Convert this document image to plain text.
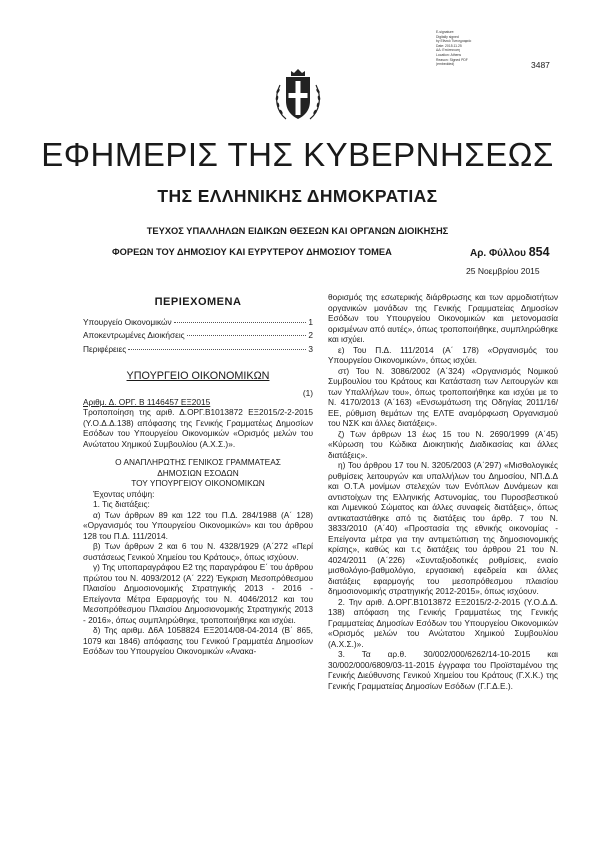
E-signature:
Digitally signed
by Εθνικό Τυπογραφείο
Date: 2015.11.25
ΔΔ: Επόπτευση
Location: Athens
Reason: Signed PDF
(embedded)	3487
ΕΦΗΜΕΡΙΣ ΤΗΣ ΚΥΒΕΡΝΗΣΕΩΣ
ΤΗΣ ΕΛΛΗΝΙΚΗΣ ΔΗΜΟΚΡΑΤΙΑΣ
ΤΕΥΧΟΣ ΥΠΑΛΛΗΛΩΝ ΕΙΔΙΚΩΝ ΘΕΣΕΩΝ ΚΑΙ ΟΡΓΑΝΩΝ ΔΙΟΙΚΗΣΗΣ
ΦΟΡΕΩΝ ΤΟΥ ΔΗΜΟΣΙΟΥ ΚΑΙ ΕΥΡΥΤΕΡΟΥ ΔΗΜΟΣΙΟΥ ΤΟΜΕΑ	Αρ. Φύλλου 854
25 Νοεμβρίου 2015
ΠΕΡΙΕΧΟΜΕΝΑ
Υπουργείο Οικονομικών	1
Αποκεντρωμένες Διοικήσεις	2
Περιφέρειες	3
ΥΠΟΥΡΓΕΙΟ ΟΙΚΟΝΟΜΙΚΩΝ
(1)

Αριθμ. Δ. ΟΡΓ. Β 1146457 ΕΞ2015

Τροποποίηση της αριθ. Δ.ΟΡΓ.Β1013872 ΕΞ2015/2-2-2015 (Υ.Ο.Δ.Δ.138) απόφασης της Γενικής Γραμματέως Δημοσίων Εσόδων του Υπουργείου Οικονομικών «Ορισμός μελών του Ανώτατου Χημικού Συμβουλίου (Α.Χ.Σ.)».
Ο ΑΝΑΠΛΗΡΩΤΗΣ ΓΕΝΙΚΟΣ ΓΡΑΜΜΑΤΕΑΣ
ΔΗΜΟΣΙΩΝ ΕΣΟΔΩΝ
ΤΟΥ ΥΠΟΥΡΓΕΙΟΥ ΟΙΚΟΝΟΜΙΚΩΝ
Έχοντας υπόψη:
1. Τις διατάξεις:
α) Των άρθρων 89 και 122 του Π.Δ. 284/1988 (Α΄ 128) «Οργανισμός του Υπουργείου Οικονομικών» και του άρθρου 128 του Π.Δ. 111/2014.
β) Των άρθρων 2 και 6 του Ν. 4328/1929 (Α΄272 «Περί συστάσεως Γενικού Χημείου του Κράτους», όπως ισχύουν.
γ) Της υποπαραγράφου Ε2 της παραγράφου Ε΄ του άρθρου πρώτου του Ν. 4093/2012 (Α΄ 222) Έγκριση Μεσοπρόθεσμου Πλαισίου Δημοσιονομικής Στρατηγικής 2013 - 2016 - Επείγοντα Μέτρα Εφαρμογής του Ν. 4046/2012 και του Μεσοπρόθεσμου Πλαισίου Δημοσιονομικής Στρατηγικής 2013 - 2016», όπως συμπληρώθηκε, τροποποιήθηκε και ισχύει.
δ) Της αριθμ. Δ6Α 1058824 ΕΞ2014/08-04-2014 (Β΄ 865, 1079 και 1846) απόφασης του Γενικού Γραμματέα Δημοσίων Εσόδων του Υπουργείου Οικονομικών «Ανακα-
θορισμός της εσωτερικής διάρθρωσης και των αρμοδιοτήτων οργανικών μονάδων της Γενικής Γραμματείας Δημοσίων Εσόδων του Υπουργείου Οικονομικών και μετονομασία ορισμένων από αυτές», όπως τροποποιήθηκε, συμπληρώθηκε και ισχύει.
ε) Του Π.Δ. 111/2014 (Α΄ 178) «Οργανισμός του Υπουργείου Οικονομικών», όπως ισχύει.
στ) Του Ν. 3086/2002 (Α΄324) «Οργανισμός Νομικού Συμβουλίου του Κράτους και Κατάσταση των Λειτουργών και των Υπαλλήλων του», όπως τροποποιήθηκε και ισχύει με το Ν. 4170/2013 (Α΄163) «Ενσωμάτωση της Οδηγίας 2011/16/ΕΕ, ρύθμιση θεμάτων της ΕΛΤΕ αναμόρφωση Οργανισμού του ΝΣΚ και άλλες διατάξεις».
ζ) Των άρθρων 13 έως 15 του Ν. 2690/1999 (Α΄45) «Κύρωση του Κώδικα Διοικητικής Διαδικασίας και άλλες διατάξεις».
η) Του άρθρου 17 του Ν. 3205/2003 (Α΄297) «Μισθολογικές ρυθμίσεις λειτουργών και υπαλλήλων του Δημοσίου, ΝΠ.Δ.Δ και Ο.Τ.Α μονίμων στελεχών των Ενόπλων Δυνάμεων και αντιστοίχων της Ελληνικής Αστυνομίας, του Πυροσβεστικού και Λιμενικού Σώματος και άλλες συναφείς διατάξεις», όπως αντικαταστάθηκε από τις διατάξεις του άρθρ. 7 του Ν. 3833/2010 (Α΄40) «Προστασία της εθνικής οικονομίας - Επείγοντα μέτρα για την αντιμετώπιση της δημοσιονομικής κρίσης», καθώς και τ.ς διατάξεις του άρθρου 21 του Ν. 4024/2011 (Α΄226) «Συνταξιοδοτικές ρυθμίσεις, ενιαίο μισθολόγιο-βαθμολόγιο, εργασιακή εφεδρεία και άλλες διατάξεις εφαρμογής του μεσοπρόθεσμου πλαισίου δημοσιονομικής στρατηγικής 2012-2015», όπως ισχύουν.
2. Την αριθ. Δ.ΟΡΓ.Β1013872 ΕΞ2015/2-2-2015 (Υ.Ο.Δ.Δ. 138) απόφαση της Γενικής Γραμματέως της Γενικής Γραμματείας Δημοσίων Εσόδων του Υπουργείου Οικονομικών «Ορισμός μελών του Ανώτατου Χημικού Συμβουλίου (Α.Χ.Σ.)».
3. Τα αρ.θ. 30/002/000/6262/14-10-2015 και 30/002/000/6809/03-11-2015 έγγραφα του Προϊσταμένου της Γενικής Διεύθυνσης Γενικού Χημείου του Κράτους (Γ.Χ.Κ.) της Γενικής Γραμματείας Δημοσίων Εσόδων (Γ.Γ.Δ.Ε.).
